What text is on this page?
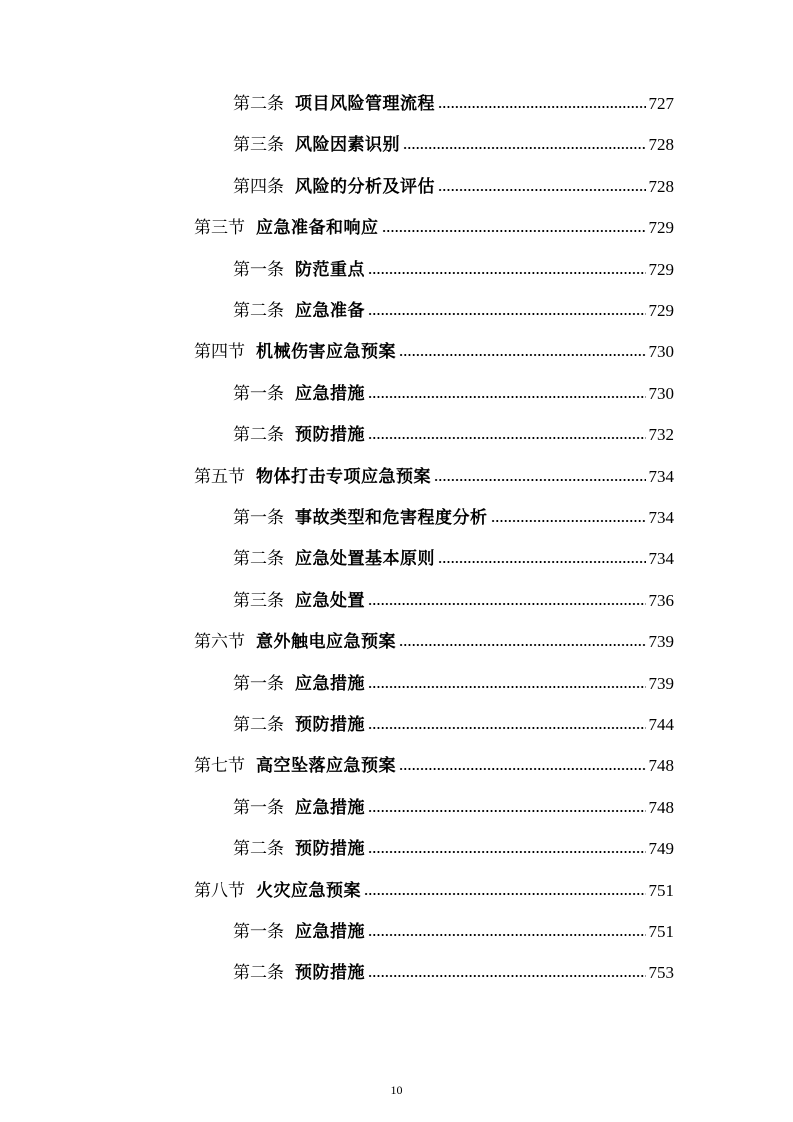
第二条 项目风险管理流程	727
第三条 风险因素识别	728
第四条 风险的分析及评估	728
第三节 应急准备和响应	729
第一条 防范重点	729
第二条 应急准备	729
第四节 机械伤害应急预案	730
第一条 应急措施	730
第二条 预防措施	732
第五节 物体打击专项应急预案	734
第一条 事故类型和危害程度分析	734
第二条 应急处置基本原则	734
第三条 应急处置	736
第六节 意外触电应急预案	739
第一条 应急措施	739
第二条 预防措施	744
第七节 高空坠落应急预案	748
第一条 应急措施	748
第二条 预防措施	749
第八节 火灾应急预案	751
第一条 应急措施	751
第二条 预防措施	753
10
